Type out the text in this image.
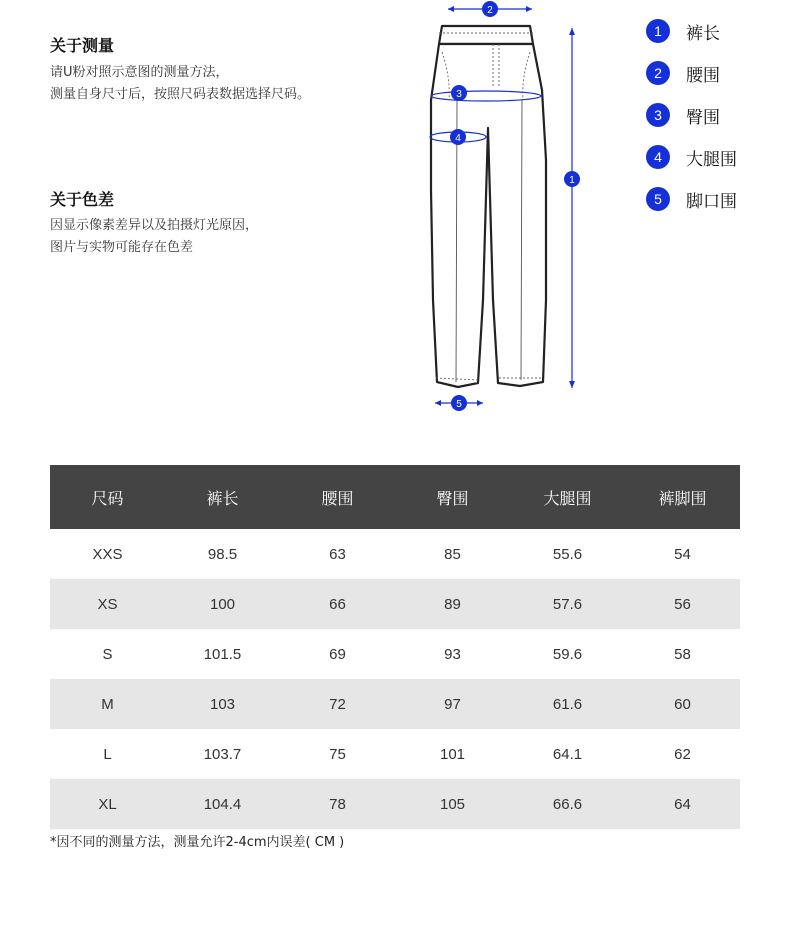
关于测量
请U粉对照示意图的测量方法，
测量自身尺寸后，按照尺码表数据选择尺码。
关于色差
因显示像素差异以及拍摄灯光原因，
图片与实物可能存在色差
2
3
4
1
5
1	裤长
2	腰围
3	臀围
4	大腿围
5	脚口围
尺码	裤长	腰围	臀围	大腿围	裤脚围
XXS	98.5	63	85	55.6	54
XS	100	66	89	57.6	56
S	101.5	69	93	59.6	58
M	103	72	97	61.6	60
L	103.7	75	101	64.1	62
XL	104.4	78	105	66.6	64
*因不同的测量方法，测量允许2-4cm内误差( CM )
